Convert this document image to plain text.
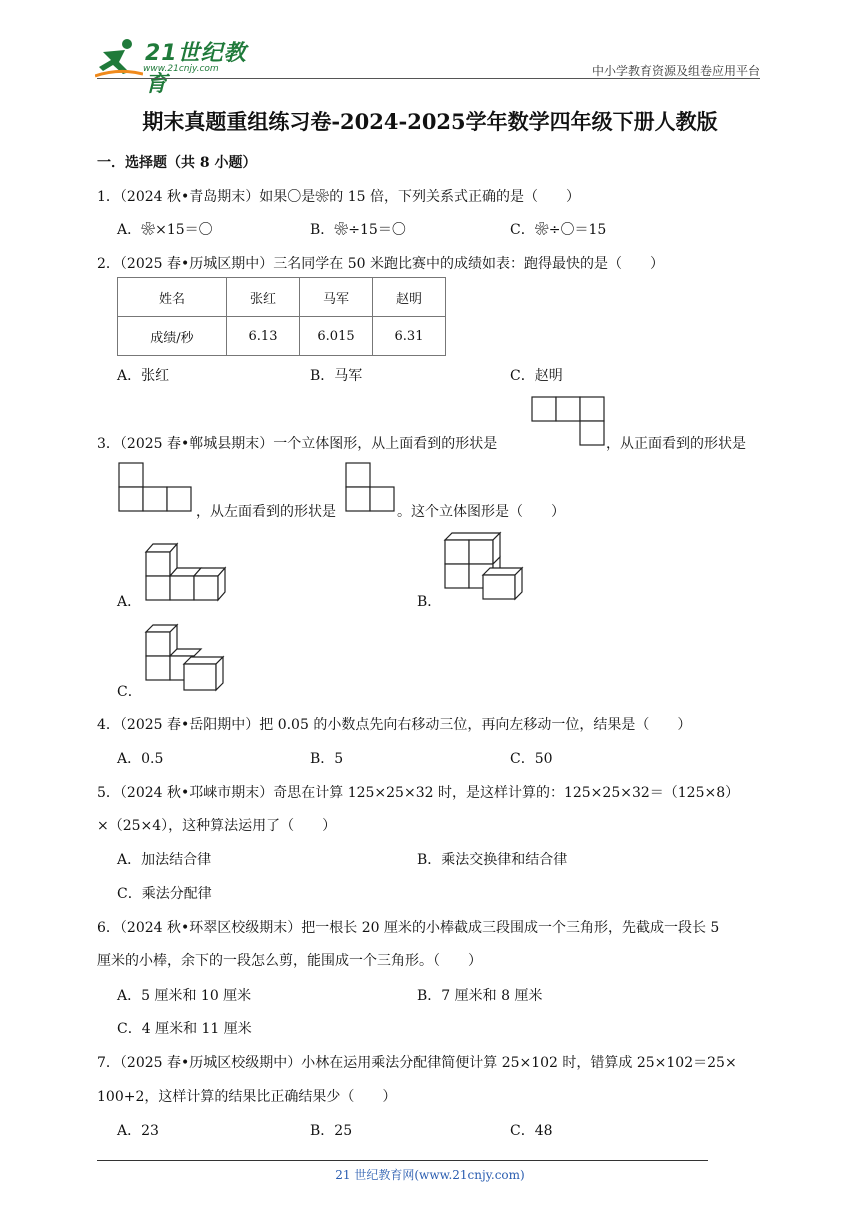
21世纪教育
www.21cnjy.com	中小学教育资源及组卷应用平台
期末真题重组练习卷-2024-2025学年数学四年级下册人教版
一．选择题（共 8 小题）
1．（2024 秋•青岛期末）如果〇是❀的 15 倍，下列关系式正确的是（　　）
A．❀×15＝〇	B．❀÷15＝〇	C．❀÷〇＝15
2．（2025 春•历城区期中）三名同学在 50 米跑比赛中的成绩如表：跑得最快的是（　　）
姓名	张红	马军	赵明
成绩/秒	6.13	6.015	6.31
A．张红	B．马军	C．赵明
3．（2025 春•郸城县期末）一个立体图形，从上面看到的形状是	，从正面看到的形状是
，从左面看到的形状是	。这个立体图形是（　　）
A．	B．
C．
4．（2025 春•岳阳期中）把 0.05 的小数点先向右移动三位，再向左移动一位，结果是（　　）
A．0.5	B．5	C．50
5．（2024 秋•邛崃市期末）奇思在计算 125×25×32 时，是这样计算的：125×25×32＝（125×8）
×（25×4），这种算法运用了（　　）
A．加法结合律	B．乘法交换律和结合律
C．乘法分配律
6．（2024 秋•环翠区校级期末）把一根长 20 厘米的小棒截成三段围成一个三角形，先截成一段长 5
厘米的小棒，余下的一段怎么剪，能围成一个三角形。（　　）
A．5 厘米和 10 厘米	B．7 厘米和 8 厘米
C．4 厘米和 11 厘米
7．（2025 春•历城区校级期中）小林在运用乘法分配律简便计算 25×102 时，错算成 25×102＝25×
100+2，这样计算的结果比正确结果少（　　）
A．23	B．25	C．48
21 世纪教育网(www.21cnjy.com)
